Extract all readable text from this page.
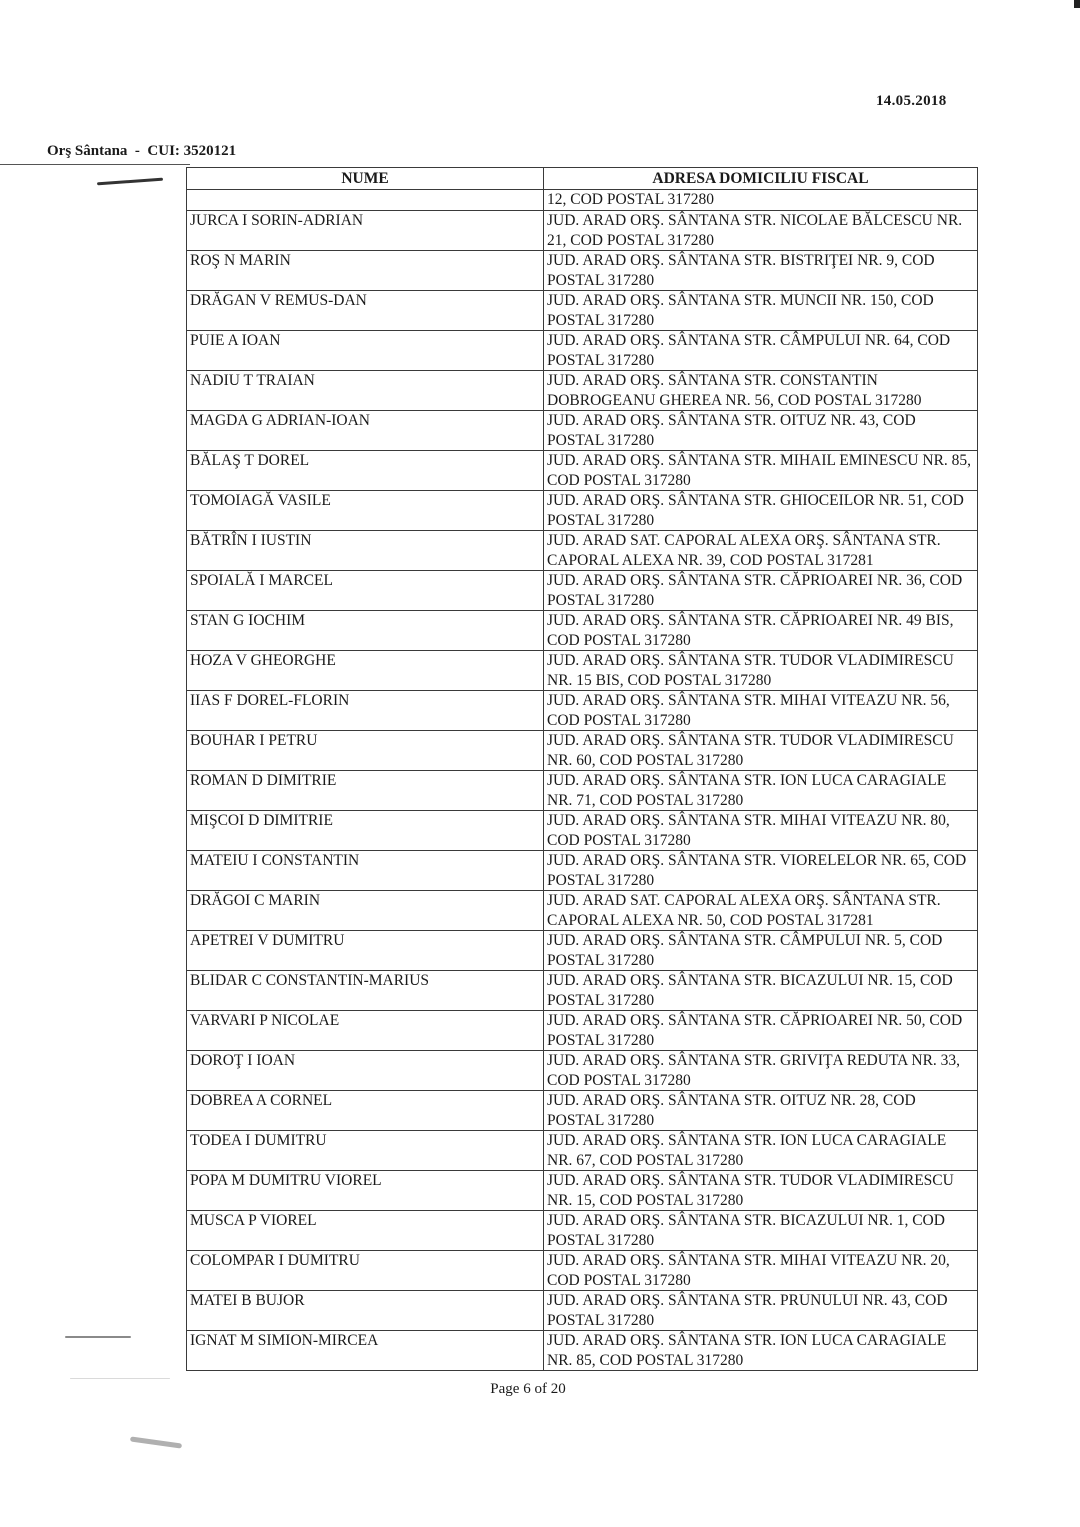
14.05.2018
Orş Sântana  -  CUI: 3520121
NUME	ADRESA DOMICILIU FISCAL
	12, COD POSTAL 317280
JURCA I SORIN-ADRIAN	JUD. ARAD ORŞ. SÂNTANA STR. NICOLAE BĂLCESCU NR. 21, COD POSTAL 317280
ROŞ N MARIN	JUD. ARAD ORŞ. SÂNTANA STR. BISTRIŢEI NR. 9, COD POSTAL 317280
DRĂGAN V REMUS-DAN	JUD. ARAD ORŞ. SÂNTANA STR. MUNCII NR. 150, COD POSTAL 317280
PUIE A IOAN	JUD. ARAD ORŞ. SÂNTANA STR. CÂMPULUI NR. 64, COD POSTAL 317280
NADIU T TRAIAN	JUD. ARAD ORŞ. SÂNTANA STR. CONSTANTIN DOBROGEANU GHEREA NR. 56, COD POSTAL 317280
MAGDA G ADRIAN-IOAN	JUD. ARAD ORŞ. SÂNTANA STR. OITUZ NR. 43, COD POSTAL 317280
BĂLAŞ T DOREL	JUD. ARAD ORŞ. SÂNTANA STR. MIHAIL EMINESCU NR. 85, COD POSTAL 317280
TOMOIAGĂ VASILE	JUD. ARAD ORŞ. SÂNTANA STR. GHIOCEILOR NR. 51, COD POSTAL 317280
BĂTRÎN I IUSTIN	JUD. ARAD SAT. CAPORAL ALEXA ORŞ. SÂNTANA STR. CAPORAL ALEXA NR. 39, COD POSTAL 317281
SPOIALĂ I MARCEL	JUD. ARAD ORŞ. SÂNTANA STR. CĂPRIOAREI NR. 36, COD POSTAL 317280
STAN G IOCHIM	JUD. ARAD ORŞ. SÂNTANA STR. CĂPRIOAREI NR. 49 BIS, COD POSTAL 317280
HOZA V GHEORGHE	JUD. ARAD ORŞ. SÂNTANA STR. TUDOR VLADIMIRESCU NR. 15 BIS, COD POSTAL 317280
IIAS F DOREL-FLORIN	JUD. ARAD ORŞ. SÂNTANA STR. MIHAI VITEAZU NR. 56, COD POSTAL 317280
BOUHAR I PETRU	JUD. ARAD ORŞ. SÂNTANA STR. TUDOR VLADIMIRESCU NR. 60, COD POSTAL 317280
ROMAN D DIMITRIE	JUD. ARAD ORŞ. SÂNTANA STR. ION LUCA CARAGIALE NR. 71, COD POSTAL 317280
MIŞCOI D DIMITRIE	JUD. ARAD ORŞ. SÂNTANA STR. MIHAI VITEAZU NR. 80, COD POSTAL 317280
MATEIU I CONSTANTIN	JUD. ARAD ORŞ. SÂNTANA STR. VIORELELOR NR. 65, COD POSTAL 317280
DRĂGOI C MARIN	JUD. ARAD SAT. CAPORAL ALEXA ORŞ. SÂNTANA STR. CAPORAL ALEXA NR. 50, COD POSTAL 317281
APETREI V DUMITRU	JUD. ARAD ORŞ. SÂNTANA STR. CÂMPULUI NR. 5, COD POSTAL 317280
BLIDAR C CONSTANTIN-MARIUS	JUD. ARAD ORŞ. SÂNTANA STR. BICAZULUI NR. 15, COD POSTAL 317280
VARVARI P NICOLAE	JUD. ARAD ORŞ. SÂNTANA STR. CĂPRIOAREI NR. 50, COD POSTAL 317280
DOROŢ I IOAN	JUD. ARAD ORŞ. SÂNTANA STR. GRIVIŢA REDUTA NR. 33, COD POSTAL 317280
DOBREA A CORNEL	JUD. ARAD ORŞ. SÂNTANA STR. OITUZ NR. 28, COD POSTAL 317280
TODEA I DUMITRU	JUD. ARAD ORŞ. SÂNTANA STR. ION LUCA CARAGIALE NR. 67, COD POSTAL 317280
POPA M DUMITRU VIOREL	JUD. ARAD ORŞ. SÂNTANA STR. TUDOR VLADIMIRESCU NR. 15, COD POSTAL 317280
MUSCA P VIOREL	JUD. ARAD ORŞ. SÂNTANA STR. BICAZULUI NR. 1, COD POSTAL 317280
COLOMPAR I DUMITRU	JUD. ARAD ORŞ. SÂNTANA STR. MIHAI VITEAZU NR. 20, COD POSTAL 317280
MATEI B BUJOR	JUD. ARAD ORŞ. SÂNTANA STR. PRUNULUI NR. 43, COD POSTAL 317280
IGNAT M SIMION-MIRCEA	JUD. ARAD ORŞ. SÂNTANA STR. ION LUCA CARAGIALE NR. 85, COD POSTAL 317280
Page 6 of 20
